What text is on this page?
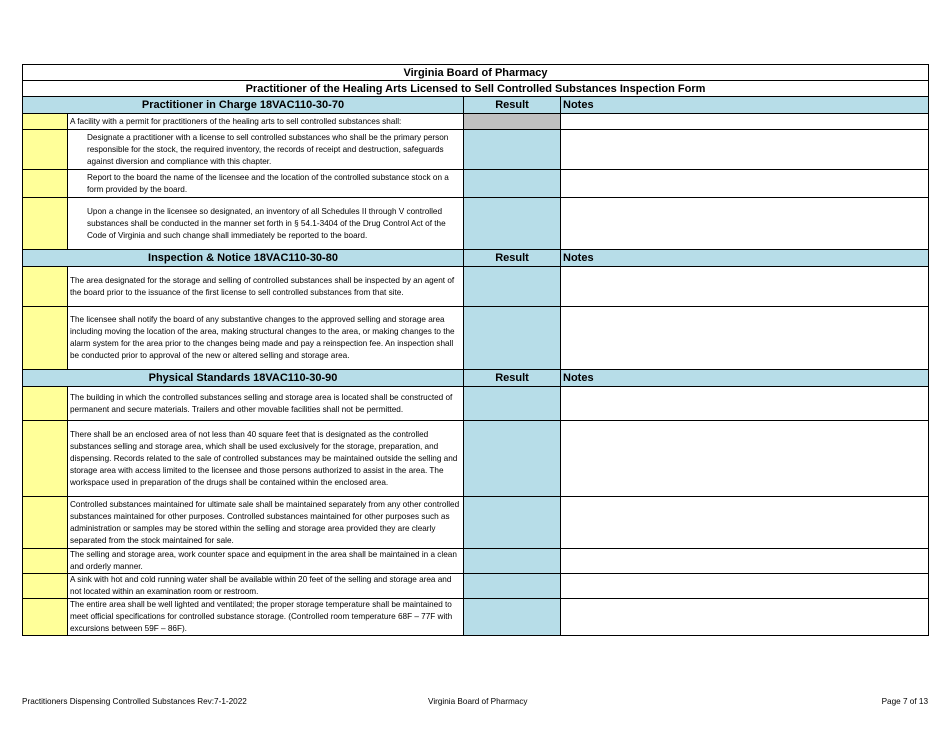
Virginia Board of Pharmacy			
Practitioner of the Healing Arts Licensed to Sell Controlled Substances Inspection Form			
Practitioner in Charge 18VAC110-30-70		Result	Notes
	A facility with a permit for practitioners of the healing arts to sell controlled substances shall:		
	Designate a practitioner with a license to sell controlled substances who shall be the primary person responsible for the stock, the required inventory, the records of receipt and destruction, safeguards against diversion and compliance with this chapter.		
	Report to the board the name of the licensee and the location of the controlled substance stock on a form provided by the board.		
	Upon a change in the licensee so designated, an inventory of all Schedules II through V controlled substances shall be conducted in the manner set forth in § 54.1-3404 of the Drug Control Act of the Code of Virginia and such change shall immediately be reported to the board.		
Inspection & Notice 18VAC110-30-80		Result	Notes
	The area designated for the storage and selling of controlled substances shall be inspected by an agent of the board prior to the issuance of the first license to sell controlled substances from that site.		
	The licensee shall notify the board of any substantive changes to the approved selling and storage area including moving the location of the area, making structural changes to the area, or making changes to the alarm system for the area prior to the changes being made and pay a reinspection fee. An inspection shall be conducted prior to approval of the new or altered selling and storage area.		
Physical Standards 18VAC110-30-90		Result	Notes
	The building in which the controlled substances selling and storage area is located shall be constructed of permanent and secure materials. Trailers and other movable facilities shall not be permitted.		
	There shall be an enclosed area of not less than 40 square feet that is designated as the controlled substances selling and storage area, which shall be used exclusively for the storage, preparation, and dispensing. Records related to the sale of controlled substances may be maintained outside the selling and storage area with access limited to the licensee and those persons authorized to assist in the area. The workspace used in preparation of the drugs shall be contained within the enclosed area.		
	Controlled substances maintained for ultimate sale shall be maintained separately from any other controlled substances maintained for other purposes. Controlled substances maintained for other purposes such as administration or samples may be stored within the selling and storage area provided they are clearly separated from the stock maintained for sale.		
	The selling and storage area, work counter space and equipment in the area shall be maintained in a clean and orderly manner.		
	A sink with hot and cold running water shall be available within 20 feet of the selling and storage area and not located within an examination room or restroom.		
	The entire area shall be well lighted and ventilated; the proper storage temperature shall be maintained to meet official specifications for controlled substance storage. (Controlled room temperature 68F – 77F with excursions between 59F – 86F).		
Practitioners Dispensing Controlled Substances Rev:7-1-2022	Virginia Board of Pharmacy	Page 7 of 13
